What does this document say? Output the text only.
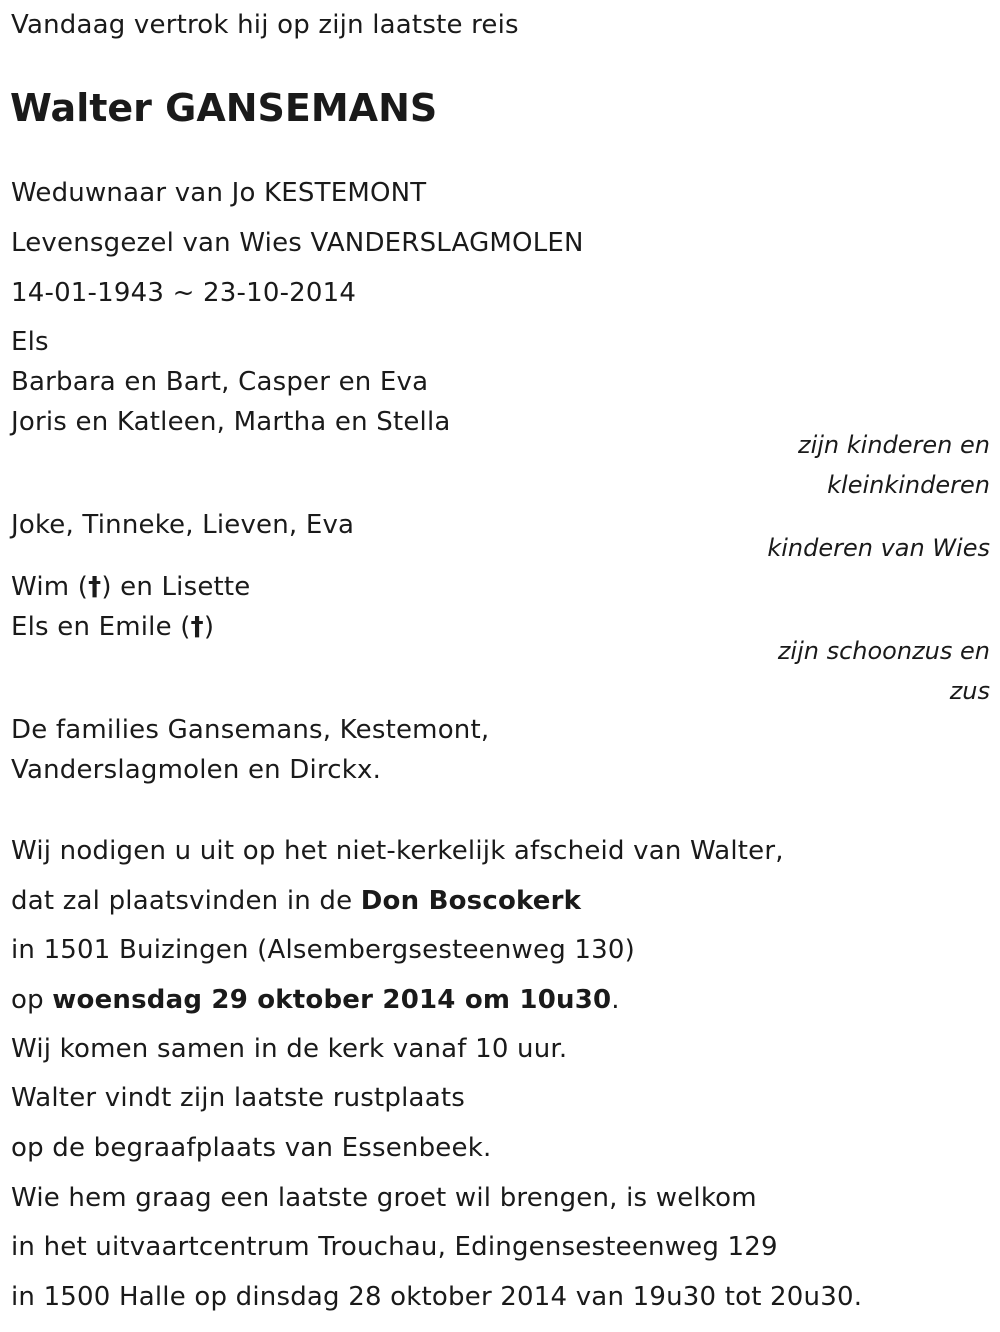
Vandaag vertrok hij op zijn laatste reis
Walter GANSEMANS
Weduwnaar van Jo KESTEMONT
Levensgezel van Wies VANDERSLAGMOLEN
14-01-1943 ~ 23-10-2014
Els
Barbara en Bart, Casper en Eva
Joris en Katleen, Martha en Stella
zijn kinderen en
kleinkinderen
Joke, Tinneke, Lieven, Eva
kinderen van Wies
Wim (†) en Lisette
Els en Emile (†)
zijn schoonzus en
zus
De families Gansemans, Kestemont,
Vanderslagmolen en Dirckx.
Wij nodigen u uit op het niet-kerkelijk afscheid van Walter,
dat zal plaatsvinden in de Don Boscokerk
in 1501 Buizingen (Alsembergsesteenweg 130)
op woensdag 29 oktober 2014 om 10u30.
Wij komen samen in de kerk vanaf 10 uur.
Walter vindt zijn laatste rustplaats
op de begraafplaats van Essenbeek.
Wie hem graag een laatste groet wil brengen, is welkom
in het uitvaartcentrum Trouchau, Edingensesteenweg 129
in 1500 Halle op dinsdag 28 oktober 2014 van 19u30 tot 20u30.
